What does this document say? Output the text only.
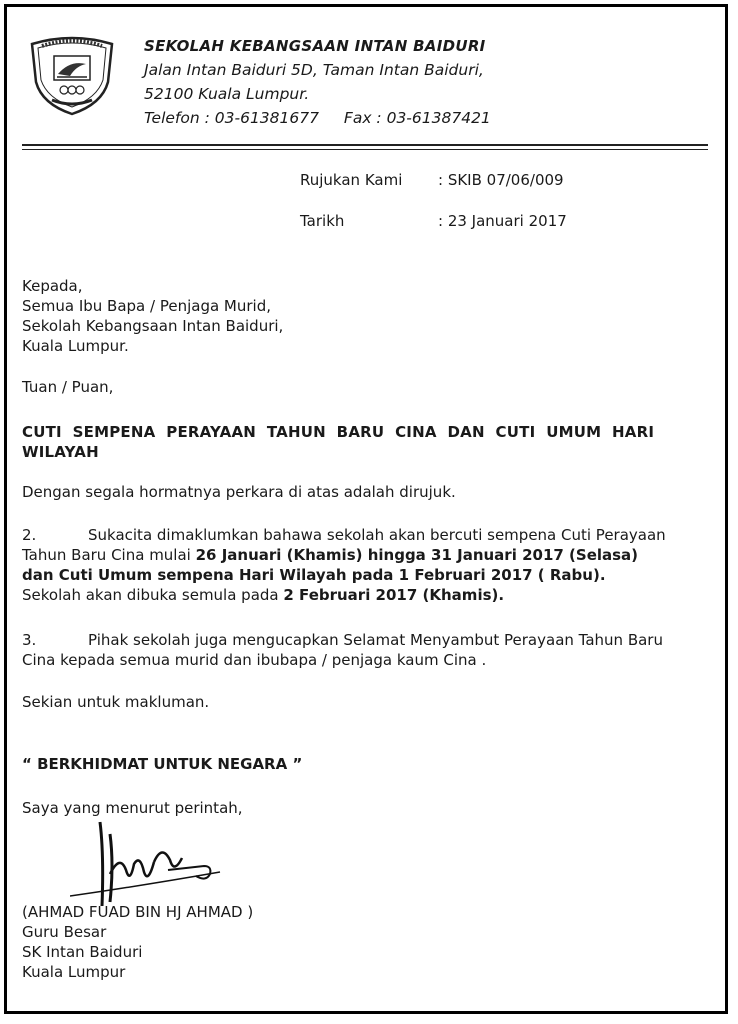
SEKOLAH KEBANGSAAN INTAN BAIDURI
Jalan Intan Baiduri 5D, Taman Intan Baiduri,
52100 Kuala Lumpur.
Telefon : 03-61381677 Fax : 03-61387421
Rujukan Kami : SKIB 07/06/009
Tarikh	: 23 Januari 2017
Kepada,
Semua Ibu Bapa / Penjaga Murid,
Sekolah Kebangsaan Intan Baiduri,
Kuala Lumpur.
Tuan / Puan,
CUTI  SEMPENA  PERAYAAN  TAHUN  BARU  CINA  DAN  CUTI  UMUM  HARI
WILAYAH
Dengan segala hormatnya perkara di atas adalah dirujuk.
2.	Sukacita dimaklumkan bahawa sekolah akan bercuti sempena Cuti Perayaan
Tahun Baru Cina mulai 26 Januari (Khamis) hingga 31 Januari 2017 (Selasa)
dan Cuti Umum sempena Hari Wilayah pada 1 Februari 2017 ( Rabu).
Sekolah akan dibuka semula pada 2 Februari 2017 (Khamis).
3.	Pihak sekolah juga mengucapkan Selamat Menyambut Perayaan Tahun Baru
Cina kepada semua murid dan ibubapa / penjaga kaum Cina .
Sekian untuk makluman.
“ BERKHIDMAT UNTUK NEGARA ”
Saya yang menurut perintah,
(AHMAD FUAD BIN HJ AHMAD )
Guru Besar
SK Intan Baiduri
Kuala Lumpur
